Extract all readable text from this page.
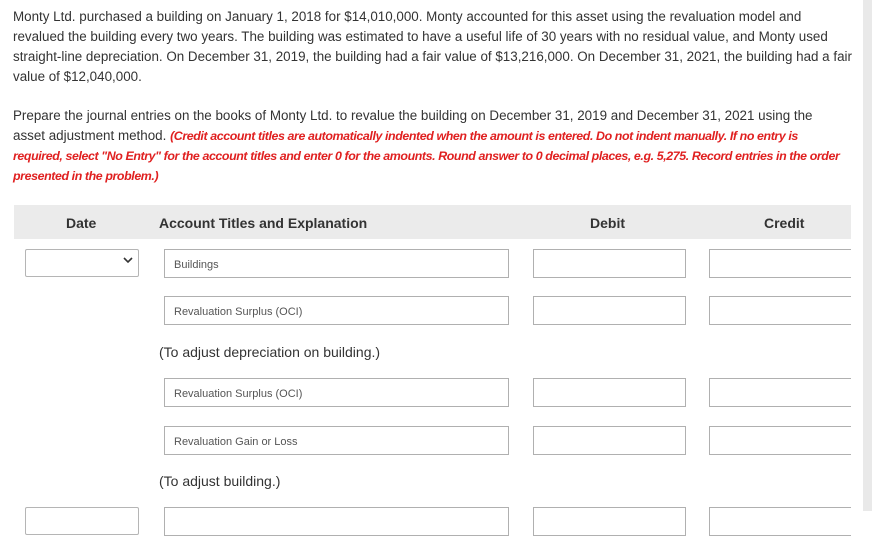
Monty Ltd. purchased a building on January 1, 2018 for $14,010,000. Monty accounted for this asset using the revaluation model and revalued the building every two years. The building was estimated to have a useful life of 30 years with no residual value, and Monty used straight-line depreciation. On December 31, 2019, the building had a fair value of $13,216,000. On December 31, 2021, the building had a fair value of $12,040,000.

Prepare the journal entries on the books of Monty Ltd. to revalue the building on December 31, 2019 and December 31, 2021 using the asset adjustment method. (Credit account titles are automatically indented when the amount is entered. Do not indent manually. If no entry is required, select "No Entry" for the account titles and enter 0 for the amounts. Round answer to 0 decimal places, e.g. 5,275. Record entries in the order presented in the problem.)

Date	Account Titles and Explanation	Debit	Credit
Buildings
Revaluation Surplus (OCI)
(To adjust depreciation on building.)
Revaluation Surplus (OCI)
Revaluation Gain or Loss
(To adjust building.)
